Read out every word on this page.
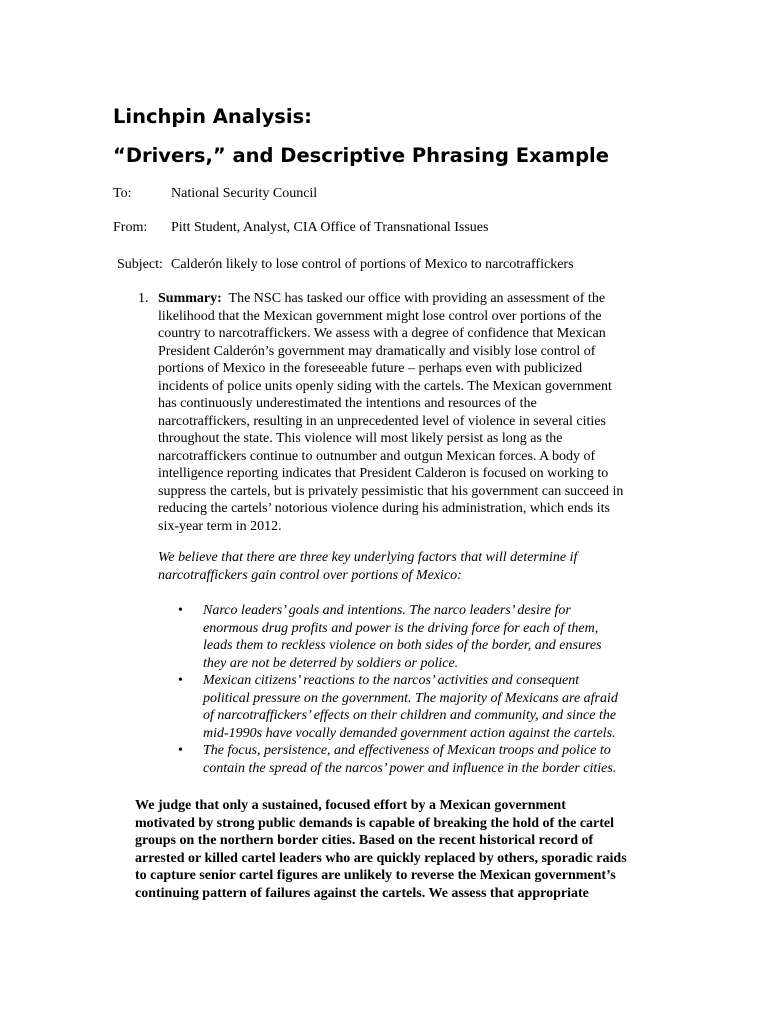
Linchpin Analysis:
“Drivers,” and Descriptive Phrasing Example
To:	National Security Council
From: Pitt Student, Analyst, CIA Office of Transnational Issues
Subject: Calderón likely to lose control of portions of Mexico to narcotraffickers
1. Summary: The NSC has tasked our office with providing an assessment of the
likelihood that the Mexican government might lose control over portions of the
country to narcotraffickers. We assess with a degree of confidence that Mexican
President Calderón’s government may dramatically and visibly lose control of
portions of Mexico in the foreseeable future – perhaps even with publicized
incidents of police units openly siding with the cartels. The Mexican government
has continuously underestimated the intentions and resources of the
narcotraffickers, resulting in an unprecedented level of violence in several cities
throughout the state. This violence will most likely persist as long as the
narcotraffickers continue to outnumber and outgun Mexican forces. A body of
intelligence reporting indicates that President Calderon is focused on working to
suppress the cartels, but is privately pessimistic that his government can succeed in
reducing the cartels’ notorious violence during his administration, which ends its
six-year term in 2012.
We believe that there are three key underlying factors that will determine if
narcotraffickers gain control over portions of Mexico:
• Narco leaders’ goals and intentions. The narco leaders’ desire for
enormous drug profits and power is the driving force for each of them,
leads them to reckless violence on both sides of the border, and ensures
they are not be deterred by soldiers or police.
• Mexican citizens’ reactions to the narcos’ activities and consequent
political pressure on the government. The majority of Mexicans are afraid
of narcotraffickers’ effects on their children and community, and since the
mid-1990s have vocally demanded government action against the cartels.
• The focus, persistence, and effectiveness of Mexican troops and police to
contain the spread of the narcos’ power and influence in the border cities.
We judge that only a sustained, focused effort by a Mexican government
motivated by strong public demands is capable of breaking the hold of the cartel
groups on the northern border cities. Based on the recent historical record of
arrested or killed cartel leaders who are quickly replaced by others, sporadic raids
to capture senior cartel figures are unlikely to reverse the Mexican government’s
continuing pattern of failures against the cartels. We assess that appropriate
